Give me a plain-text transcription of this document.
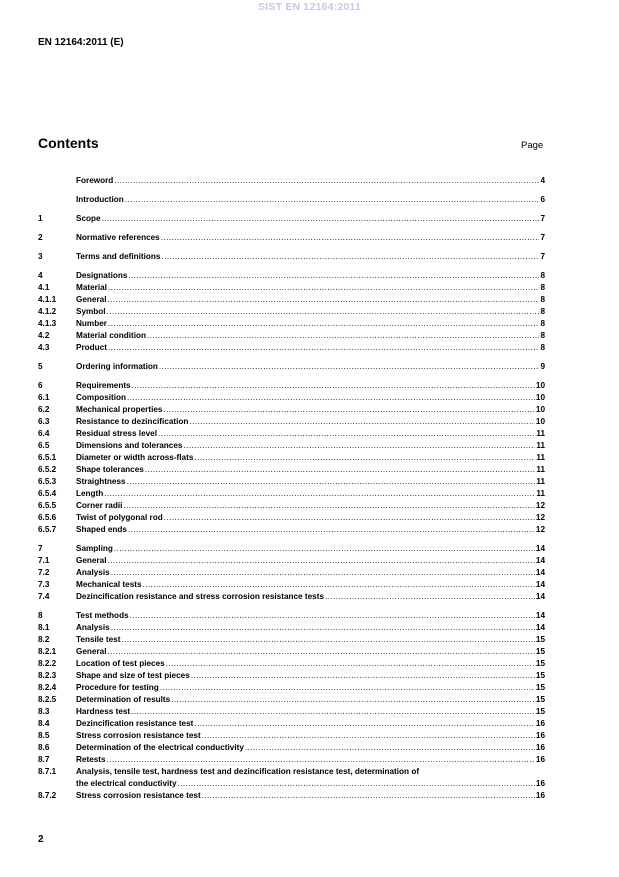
SIST EN 12164:2011
EN 12164:2011 (E)
Contents	Page
Foreword .....	4
Introduction .....	6
1	Scope .....	7
2	Normative references .....	7
3	Terms and definitions .....	7
4	Designations .....	8
4.1	Material .....	8
4.1.1	General .....	8
4.1.2	Symbol .....	8
4.1.3	Number .....	8
4.2	Material condition .....	8
4.3	Product .....	8
5	Ordering information .....	9
6	Requirements .....	10
6.1	Composition .....	10
6.2	Mechanical properties .....	10
6.3	Resistance to dezincification .....	10
6.4	Residual stress level .....	11
6.5	Dimensions and tolerances .....	11
6.5.1	Diameter or width across-flats .....	11
6.5.2	Shape tolerances .....	11
6.5.3	Straightness .....	11
6.5.4	Length .....	11
6.5.5	Corner radii .....	12
6.5.6	Twist of polygonal rod .....	12
6.5.7	Shaped ends .....	12
7	Sampling .....	14
7.1	General .....	14
7.2	Analysis .....	14
7.3	Mechanical tests .....	14
7.4	Dezincification resistance and stress corrosion resistance tests .....	14
8	Test methods .....	14
8.1	Analysis .....	14
8.2	Tensile test .....	15
8.2.1	General .....	15
8.2.2	Location of test pieces .....	15
8.2.3	Shape and size of test pieces .....	15
8.2.4	Procedure for testing .....	15
8.2.5	Determination of results .....	15
8.3	Hardness test .....	15
8.4	Dezincification resistance test .....	16
8.5	Stress corrosion resistance test .....	16
8.6	Determination of the electrical conductivity .....	16
8.7	Retests .....	16
8.7.1	Analysis, tensile test, hardness test and dezincification resistance test, determination of
the electrical conductivity .....	16
8.7.2	Stress corrosion resistance test .....	16
2
